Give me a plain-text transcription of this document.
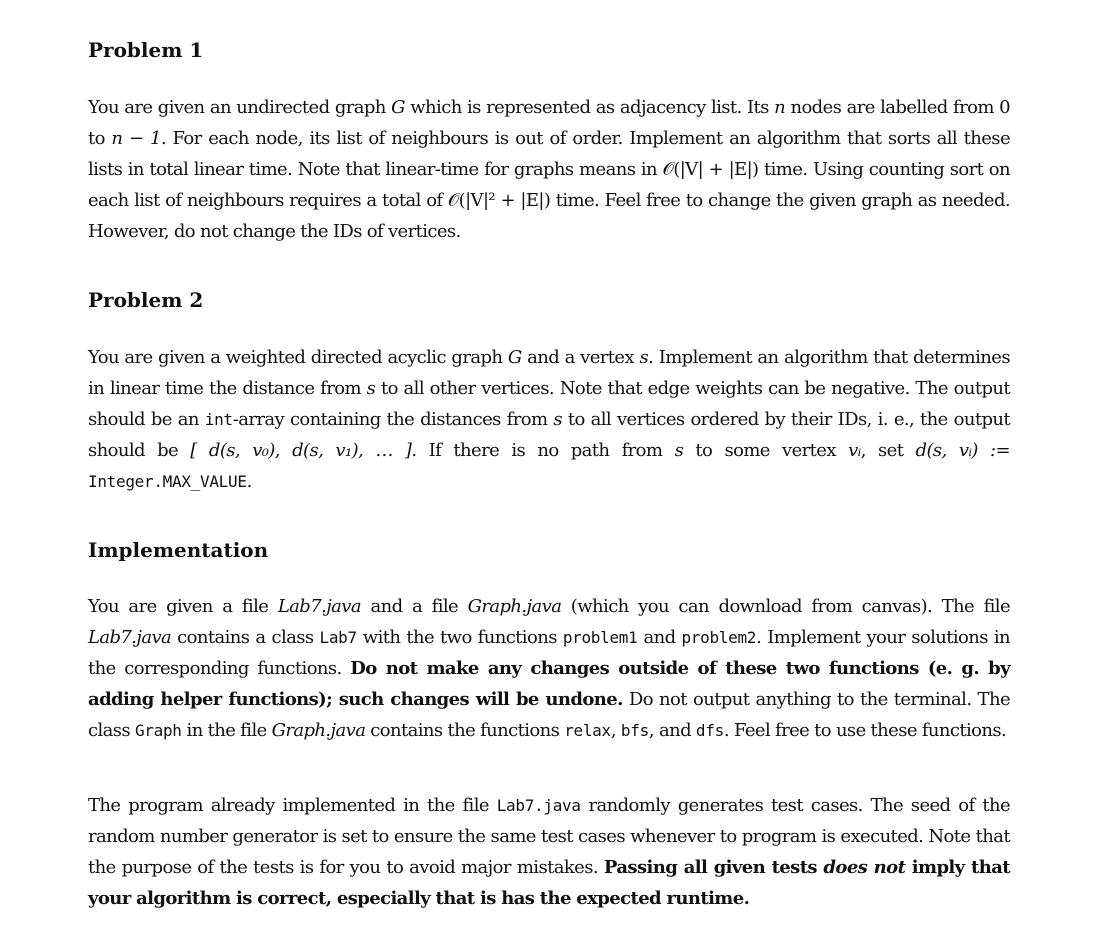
Problem 1

You are given an undirected graph G which is represented as adjacency list. Its n nodes are labelled from 0 to n − 1. For each node, its list of neighbours is out of order. Implement an algorithm that sorts all these lists in total linear time. Note that linear-time for graphs means in 𝒪(|V| + |E|) time. Using counting sort on each list of neighbours requires a total of 𝒪(|V|² + |E|) time. Feel free to change the given graph as needed. However, do not change the IDs of vertices.

Problem 2

You are given a weighted directed acyclic graph G and a vertex s. Implement an algorithm that determines in linear time the distance from s to all other vertices. Note that edge weights can be negative. The output should be an int-array containing the distances from s to all vertices ordered by their IDs, i. e., the output should be [ d(s, v₀), d(s, v₁), … ]. If there is no path from s to some vertex vᵢ, set d(s, vᵢ) := Integer.MAX_VALUE.

Implementation

You are given a file Lab7.java and a file Graph.java (which you can download from canvas). The file Lab7.java contains a class Lab7 with the two functions problem1 and problem2. Implement your solutions in the corresponding functions. Do not make any changes outside of these two functions (e. g. by adding helper functions); such changes will be undone. Do not output anything to the terminal. The class Graph in the file Graph.java contains the functions relax, bfs, and dfs. Feel free to use these functions.

The program already implemented in the file Lab7.java randomly generates test cases. The seed of the random number generator is set to ensure the same test cases whenever to program is executed. Note that the purpose of the tests is for you to avoid major mistakes. Passing all given tests does not imply that your algorithm is correct, especially that is has the expected runtime.
